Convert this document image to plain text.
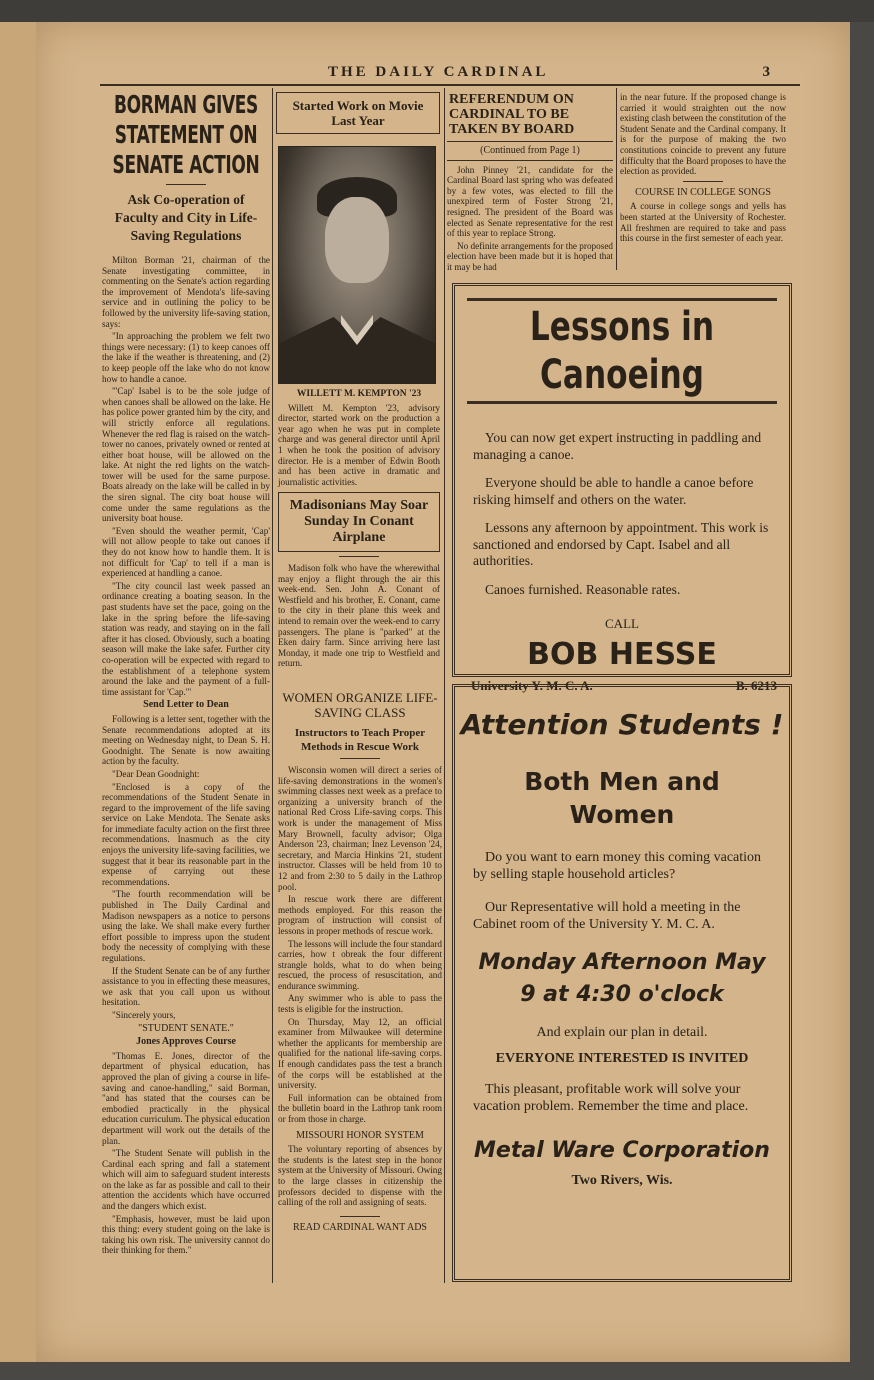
THE DAILY CARDINAL	3
BORMAN GIVES
STATEMENT ON
SENATE ACTION
Ask Co-operation of Faculty and City in Life-Saving Regulations

Milton Borman '21, chairman of the Senate investigating committee, in commenting on the Senate's action regarding the improvement of Mendota's life-saving service and in outlining the policy to be followed by the university life-saving station, says:

"In approaching the problem we felt two things were necessary: (1) to keep canoes off the lake if the weather is threatening, and (2) to keep people off the lake who do not know how to handle a canoe.

"'Cap' Isabel is to be the sole judge of when canoes shall be allowed on the lake. He has police power granted him by the city, and will strictly enforce all regulations. Whenever the red flag is raised on the watch-tower no canoes, privately owned or rented at either boat house, will be allowed on the lake. At night the red lights on the watch-tower will be used for the same purpose. Boats already on the lake will be called in by the siren signal. The city boat house will come under the same regulations as the university boat house.

"Even should the weather permit, 'Cap' will not allow people to take out canoes if they do not know how to handle them. It is not difficult for 'Cap' to tell if a man is experienced at handling a canoe.

"The city council last week passed an ordinance creating a boating season. In the past students have set the pace, going on the lake in the spring before the life-saving station was ready, and staying on in the fall after it has closed. Obviously, such a boating season will make the lake safer. Further city co-operation will be expected with regard to the establishment of a telephone system around the lake and the payment of a full-time assistant for 'Cap.'"

Send Letter to Dean

Following is a letter sent, together with the Senate recommendations adopted at its meeting on Wednesday night, to Dean S. H. Goodnight. The Senate is now awaiting action by the faculty.

"Dear Dean Goodnight:

"Enclosed is a copy of the recommendations of the Student Senate in regard to the improvement of the life saving service on Lake Mendota. The Senate asks for immediate faculty action on the first three recommendations. Inasmuch as the city enjoys the university life-saving facilities, we suggest that it bear its reasonable part in the expense of carrying out these recommendations.

"The fourth recommendation will be published in The Daily Cardinal and Madison newspapers as a notice to persons using the lake. We shall make every further effort possible to impress upon the student body the necessity of complying with these regulations.

If the Student Senate can be of any further assistance to you in effecting these measures, we ask that you call upon us without hesitation.

"Sincerely yours,

"STUDENT SENATE."
Jones Approves Course

"Thomas E. Jones, director of the department of physical education, has approved the plan of giving a course in life-saving and canoe-handling," said Borman, "and has stated that the courses can be embodied practically in the physical education curriculum. The physical education department will work out the details of the plan.

"The Student Senate will publish in the Cardinal each spring and fall a statement which will aim to safeguard student interests on the lake as far as possible and call to their attention the accidents which have occurred and the dangers which exist.

"Emphasis, however, must be laid upon this thing: every student going on the lake is taking his own risk. The university cannot do their thinking for them."

Started Work on Movie Last Year
WILLETT M. KEMPTON '23

Willett M. Kempton '23, advisory director, started work on the production a year ago when he was put in complete charge and was general director until April 1 when he took the position of advisory director. He is a member of Edwin Booth and has been active in dramatic and journalistic activities.

Madisonians May Soar Sunday In Conant Airplane

Madison folk who have the wherewithal may enjoy a flight through the air this week-end. Sen. John A. Conant of Westfield and his brother, E. Conant, came to the city in their plane this week and intend to remain over the week-end to carry passengers. The plane is "parked" at the Eken dairy farm. Since arriving here last Monday, it made one trip to Westfield and return.

WOMEN ORGANIZE LIFE-SAVING CLASS
Instructors to Teach Proper Methods in Rescue Work

Wisconsin women will direct a series of life-saving demonstrations in the women's swimming classes next week as a preface to organizing a university branch of the national Red Cross Life-saving corps. This work is under the management of Miss Mary Brownell, faculty advisor; Olga Anderson '23, chairman; Inez Levenson '24, secretary, and Marcia Hinkins '21, student instructor. Classes will be held from 10 to 12 and from 2:30 to 5 daily in the Lathrop pool.

In rescue work there are different methods employed. For this reason the program of instruction will consist of lessons in proper methods of rescue work.

The lessons will include the four standard carries, how t obreak the four different strangle holds, what to do when being rescued, the process of resuscitation, and endurance swimming.

Any swimmer who is able to pass the tests is eligible for the instruction.

On Thursday, May 12, an official examiner from Milwaukee will determine whether the applicants for membership are qualified for the national life-saving corps. If enough candidates pass the test a branch of the corps will be established at the university.

Full information can be obtained from the bulletin board in the Lathrop tank room or from those in charge.

MISSOURI HONOR SYSTEM

The voluntary reporting of absences by the students is the latest step in the honor system at the University of Missouri. Owing to the large classes in citizenship the professors decided to dispense with the calling of the roll and assigning of seats.

READ CARDINAL WANT ADS
REFERENDUM ON CARDINAL TO BE TAKEN BY BOARD
(Continued from Page 1)

John Pinney '21, candidate for the Cardinal Board last spring who was defeated by a few votes, was elected to fill the unexpired term of Foster Strong '21, resigned. The president of the Board was elected as Senate representative for the rest of this year to replace Strong.

No definite arrangements for the proposed election have been made but it is hoped that it may be had

in the near future. If the proposed change is carried it would straighten out the now existing clash between the constitution of the Student Senate and the Cardinal company. It is for the purpose of making the two constitutions coincide to prevent any future difficulty that the Board proposes to have the election as provided.

COURSE IN COLLEGE SONGS

A course in college songs and yells has been started at the University of Rochester. All freshmen are required to take and pass this course in the first semester of each year.

Lessons in Canoeing

You can now get expert instructing in paddling and managing a canoe.

Everyone should be able to handle a canoe before risking himself and others on the water.

Lessons any afternoon by appointment. This work is sanctioned and endorsed by Capt. Isabel and all authorities.

Canoes furnished. Reasonable rates.

CALL
BOB HESSE
University Y. M. C. A.	B. 6213
Attention Students !
Both Men and Women

Do you want to earn money this coming vacation by selling staple household articles?

Our Representative will hold a meeting in the Cabinet room of the University Y. M. C. A.

Monday Afternoon May 9 at 4:30 o'clock
And explain our plan in detail.
EVERYONE INTERESTED IS INVITED

This pleasant, profitable work will solve your vacation problem. Remember the time and place.

Metal Ware Corporation
Two Rivers, Wis.
